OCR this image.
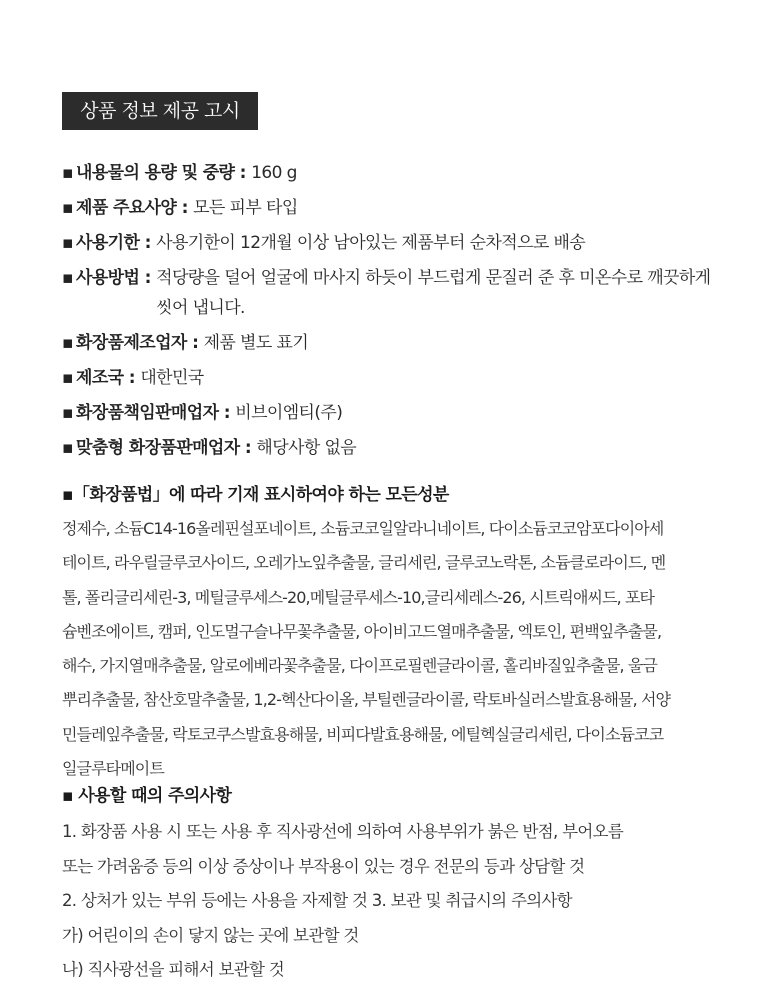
상품 정보 제공 고시
▪ 내용물의 용량 및 중량 : 160 g
▪ 제품 주요사양 : 모든 피부 타입
▪ 사용기한 : 사용기한이 12개월 이상 남아있는 제품부터 순차적으로 배송
▪ 사용방법 : 적당량을 덜어 얼굴에 마사지 하듯이 부드럽게 문질러 준 후 미온수로 깨끗하게 씻어 냅니다.
▪ 화장품제조업자 : 제품 별도 표기
▪ 제조국 : 대한민국
▪ 화장품책임판매업자 : 비브이엠티(주)
▪ 맞춤형 화장품판매업자 : 해당사항 없음
▪「화장품법」에 따라 기재 표시하여야 하는 모든성분
정제수, 소듐C14-16올레핀설포네이트, 소듐코코일알라니네이트, 다이소듐코코암포다이아세
테이트, 라우릴글루코사이드, 오레가노잎추출물, 글리세린, 글루코노락톤, 소듐클로라이드, 멘
톨, 폴리글리세린-3, 메틸글루세스-20,메틸글루세스-10,글리세레스-26, 시트릭애씨드, 포타
슘벤조에이트, 캠퍼, 인도멀구슬나무꽃추출물, 아이비고드열매추출물, 엑토인, 편백잎추출물,
해수, 가지열매추출물, 알로에베라꽃추출물, 다이프로필렌글라이콜, 홀리바질잎추출물, 울금
뿌리추출물, 참산호말추출물, 1,2-헥산다이올, 부틸렌글라이콜, 락토바실러스발효용해물, 서양
민들레잎추출물, 락토코쿠스발효용해물, 비피다발효용해물, 에틸헥실글리세린, 다이소듐코코
일글루타메이트
▪ 사용할 때의 주의사항
1. 화장품 사용 시 또는 사용 후 직사광선에 의하여 사용부위가 붉은 반점, 부어오름
또는 가려움증 등의 이상 증상이나 부작용이 있는 경우 전문의 등과 상담할 것
2. 상처가 있는 부위 등에는 사용을 자제할 것 3. 보관 및 취급시의 주의사항
가) 어린이의 손이 닿지 않는 곳에 보관할 것
나) 직사광선을 피해서 보관할 것
